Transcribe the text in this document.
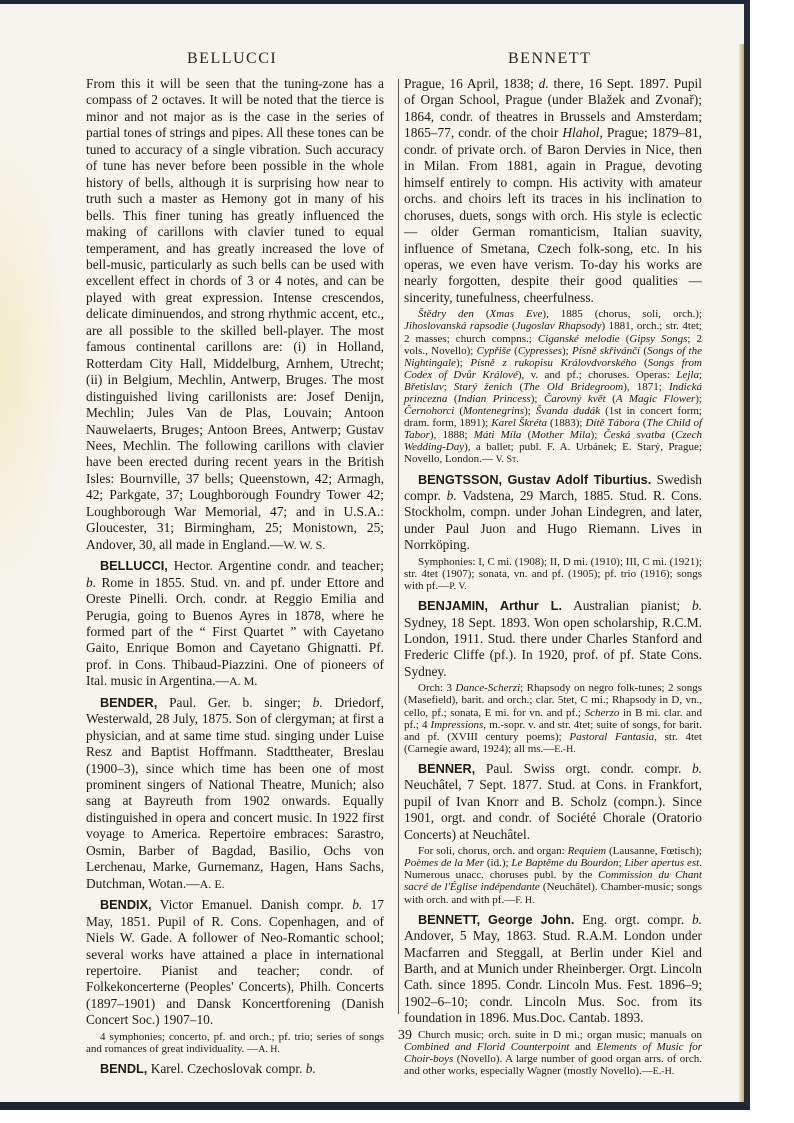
BELLUCCI	BENNETT

From this it will be seen that the tuning-zone has a compass of 2 octaves. It will be noted that the tierce is minor and not major as is the case in the series of partial tones of strings and pipes. All these tones can be tuned to accuracy of a single vibration. Such accuracy of tune has never before been possible in the whole history of bells, although it is surprising how near to truth such a master as Hemony got in many of his bells. This finer tuning has greatly influenced the making of carillons with clavier tuned to equal temperament, and has greatly increased the love of bell-music, particularly as such bells can be used with excellent effect in chords of 3 or 4 notes, and can be played with great expression. Intense crescendos, delicate diminuendos, and strong rhythmic accent, etc., are all possible to the skilled bell-player. The most famous continental carillons are: (i) in Holland, Rotterdam City Hall, Middelburg, Arnhem, Utrecht; (ii) in Belgium, Mechlin, Antwerp, Bruges. The most distinguished living carillonists are: Josef Denijn, Mechlin; Jules Van de Plas, Louvain; Antoon Nauwelaerts, Bruges; Antoon Brees, Antwerp; Gustav Nees, Mechlin. The following carillons with clavier have been erected during recent years in the British Isles: Bournville, 37 bells; Queenstown, 42; Armagh, 42; Parkgate, 37; Loughborough Foundry Tower 42; Loughborough War Memorial, 47; and in U.S.A.: Gloucester, 31; Birmingham, 25; Monistown, 25; Andover, 30, all made in England.—W. W. S.

BELLUCCI, Hector. Argentine condr. and teacher; b. Rome in 1855. Stud. vn. and pf. under Ettore and Oreste Pinelli. Orch. condr. at Reggio Emilia and Perugia, going to Buenos Ayres in 1878, where he formed part of the “ First Quartet ” with Cayetano Gaito, Enrique Bomon and Cayetano Ghignatti. Pf. prof. in Cons. Thibaud-Piazzini. One of pioneers of Ital. music in Argentina.—A. M.

BENDER, Paul. Ger. b. singer; b. Driedorf, Westerwald, 28 July, 1875. Son of clergyman; at first a physician, and at same time stud. singing under Luise Resz and Baptist Hoffmann. Stadttheater, Breslau (1900–3), since which time has been one of most prominent singers of National Theatre, Munich; also sang at Bayreuth from 1902 onwards. Equally distinguished in opera and concert music. In 1922 first voyage to America. Repertoire embraces: Sarastro, Osmin, Barber of Bagdad, Basilio, Ochs von Lerchenau, Marke, Gurnemanz, Hagen, Hans Sachs, Dutchman, Wotan.—A. E.

BENDIX, Victor Emanuel. Danish compr. b. 17 May, 1851. Pupil of R. Cons. Copenhagen, and of Niels W. Gade. A follower of Neo-Romantic school; several works have attained a place in international repertoire. Pianist and teacher; condr. of Folkekoncerterne (Peoples' Concerts), Philh. Concerts (1897–1901) and Dansk Koncertforening (Danish Concert Soc.) 1907–10.

4 symphonies; concerto, pf. and orch.; pf. trio; series of songs and romances of great individuality. —A. H.

BENDL, Karel. Czechoslovak compr. b.

Prague, 16 April, 1838; d. there, 16 Sept. 1897. Pupil of Organ School, Prague (under Blažek and Zvonař); 1864, condr. of theatres in Brussels and Amsterdam; 1865–77, condr. of the choir Hlahol, Prague; 1879–81, condr. of private orch. of Baron Dervies in Nice, then in Milan. From 1881, again in Prague, devoting himself entirely to compn. His activity with amateur orchs. and choirs left its traces in his inclination to choruses, duets, songs with orch. His style is eclectic — older German romanticism, Italian suavity, influence of Smetana, Czech folk-song, etc. In his operas, we even have verism. To-day his works are nearly forgotten, despite their good qualities — sincerity, tunefulness, cheerfulness.

Štědry den (Xmas Eve), 1885 (chorus, soli, orch.); Jihoslovanská rapsodie (Jugoslav Rhapsody) 1881, orch.; str. 4tet; 2 masses; church compns.; Ciganské melodie (Gipsy Songs; 2 vols., Novello); Cypřiše (Cypresses); Písně skřivánčí (Songs of the Nightingale); Písně z rukopisu Královdvorského (Songs from Codex of Dvůr Králové), v. and pf.; choruses. Operas: Lejla; Břetislav; Starý ženich (The Old Bridegroom), 1871; Indická princezna (Indian Princess); Čarovný květ (A Magic Flower); Černohorci (Montenegrins); Švanda dudák (1st in concert form; dram. form, 1891); Karel Škréta (1883); Dítě Tábora (The Child of Tabor), 1888; Máti Míla (Mother Mila); Česká svatba (Czech Wedding-Day), a ballet; publ. F. A. Urbánek; E. Starý, Prague; Novello, London.— V. St.

BENGTSSON, Gustav Adolf Tiburtius. Swedish compr. b. Vadstena, 29 March, 1885. Stud. R. Cons. Stockholm, compn. under Johan Lindegren, and later, under Paul Juon and Hugo Riemann. Lives in Norrköping.

Symphonies: I, C mi. (1908); II, D mi. (1910); III, C mi. (1921); str. 4tet (1907); sonata, vn. and pf. (1905); pf. trio (1916); songs with pf.—P. V.

BENJAMIN, Arthur L. Australian pianist; b. Sydney, 18 Sept. 1893. Won open scholarship, R.C.M. London, 1911. Stud. there under Charles Stanford and Frederic Cliffe (pf.). In 1920, prof. of pf. State Cons. Sydney.

Orch: 3 Dance-Scherzi; Rhapsody on negro folk-tunes; 2 songs (Masefield), barit. and orch.; clar. 5tet, C mi.; Rhapsody in D, vn., cello, pf.; sonata, E mi. for vn. and pf.; Scherzo in B mi. clar. and pf.; 4 Impressions, m.-sopr. v. and str. 4tet; suite of songs, for barit. and pf. (XVIII century poems); Pastoral Fantasia, str. 4tet (Carnegie award, 1924); all ms.—E.-H.

BENNER, Paul. Swiss orgt. condr. compr. b. Neuchâtel, 7 Sept. 1877. Stud. at Cons. in Frankfort, pupil of Ivan Knorr and B. Scholz (compn.). Since 1901, orgt. and condr. of Société Chorale (Oratorio Concerts) at Neuchâtel.

For soli, chorus, orch. and organ: Requiem (Lausanne, Fœtisch); Poèmes de la Mer (id.); Le Baptême du Bourdon; Liber apertus est. Numerous unacc. choruses publ. by the Commission du Chant sacré de l'Église indépendante (Neuchâtel). Chamber-music; songs with orch. and with pf.—F. H.

BENNETT, George John. Eng. orgt. compr. b. Andover, 5 May, 1863. Stud. R.A.M. London under Macfarren and Steggall, at Berlin under Kiel and Barth, and at Munich under Rheinberger. Orgt. Lincoln Cath. since 1895. Condr. Lincoln Mus. Fest. 1896–9; 1902–6–10; condr. Lincoln Mus. Soc. from its foundation in 1896. Mus.Doc. Cantab. 1893.

Church music; orch. suite in D mi.; organ music; manuals on Combined and Florid Counterpoint and Elements of Music for Choir-boys (Novello). A large number of good organ arrs. of orch. and other works, especially Wagner (mostly Novello).—E.-H.

39
